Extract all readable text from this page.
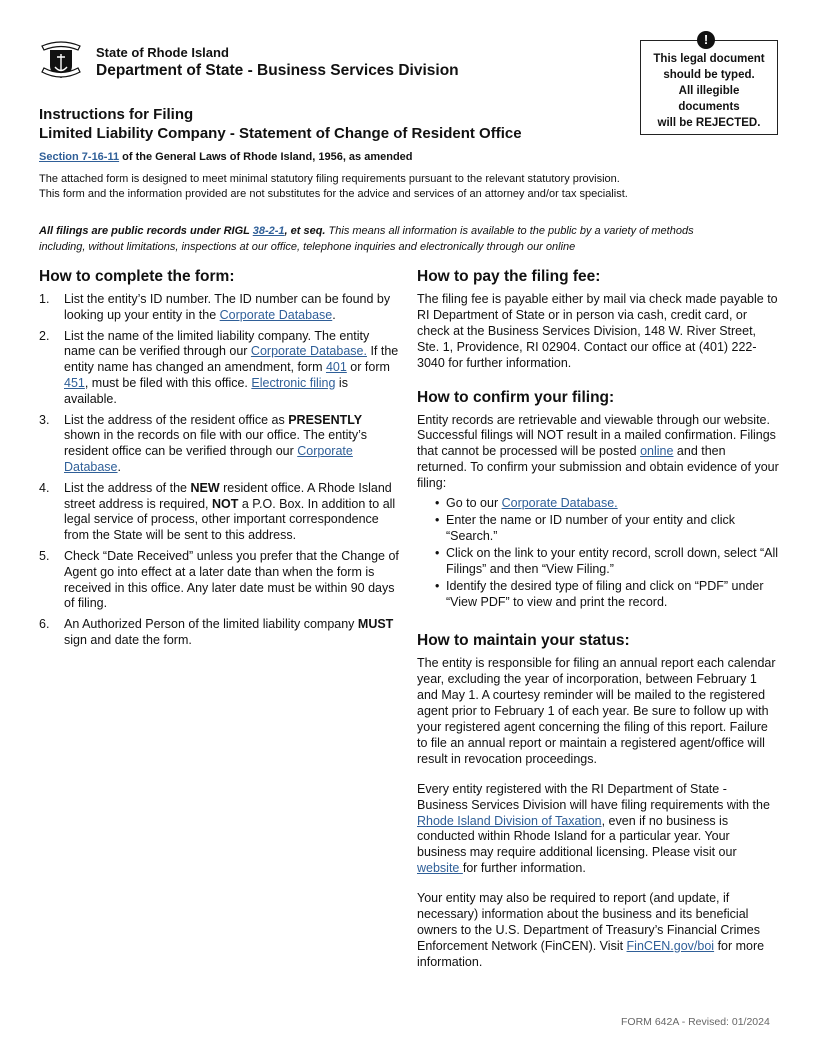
State of Rhode Island
Department of State - Business Services Division
This legal document
should be typed.
All illegible
documents
will be REJECTED.
!
Instructions for Filing
Limited Liability Company - Statement of Change of Resident Office
Section 7-16-11 of the General Laws of Rhode Island, 1956, as amended
The attached form is designed to meet minimal statutory filing requirements pursuant to the relevant statutory provision.
This form and the information provided are not substitutes for the advice and services of an attorney and/or tax specialist.
All filings are public records under RIGL 38-2-1, et seq. This means all information is available to the public by a variety of methods including, without limitations, inspections at our office, telephone inquiries and electronically through our online
How to complete the form:
1.	List the entity’s ID number. The ID number can be found by looking up your entity in the Corporate Database.
2.	List the name of the limited liability company. The entity name can be verified through our Corporate Database. If the entity name has changed an amendment, form 401 or form 451, must be filed with this office. Electronic filing is available.
3.	List the address of the resident office as PRESENTLY shown in the records on file with our office. The entity’s resident office can be verified through our Corporate Database.
4.	List the address of the NEW resident office. A Rhode Island street address is required, NOT a P.O. Box. In addition to all legal service of process, other important correspondence from the State will be sent to this address.
5.	Check “Date Received” unless you prefer that the Change of Agent go into effect at a later date than when the form is received in this office. Any later date must be within 90 days of filing.
6.	An Authorized Person of the limited liability company MUST sign and date the form.
How to pay the filing fee:

The filing fee is payable either by mail via check made payable to RI Department of State or in person via cash, credit card, or check at the Business Services Division, 148 W. River Street, Ste. 1, Providence, RI 02904. Contact our office at (401) 222-3040 for further information.

How to confirm your filing:

Entity records are retrievable and viewable through our website. Successful filings will NOT result in a mailed confirmation. Filings that cannot be processed will be posted online and then returned. To confirm your submission and obtain evidence of your filing:

• Go to our Corporate Database.
• Enter the name or ID number of your entity and click “Search.”
• Click on the link to your entity record, scroll down, select “All Filings” and then “View Filing.”
• Identify the desired type of filing and click on “PDF” under “View PDF” to view and print the record.
How to maintain your status:

The entity is responsible for filing an annual report each calendar year, excluding the year of incorporation, between February 1 and May 1. A courtesy reminder will be mailed to the registered agent prior to February 1 of each year. Be sure to follow up with your registered agent concerning the filing of this report. Failure to file an annual report or maintain a registered agent/office will result in revocation proceedings.

Every entity registered with the RI Department of State - Business Services Division will have filing requirements with the Rhode Island Division of Taxation, even if no business is conducted within Rhode Island for a particular year. Your business may require additional licensing. Please visit our website for further information.

Your entity may also be required to report (and update, if necessary) information about the business and its beneficial owners to the U.S. Department of Treasury’s Financial Crimes Enforcement Network (FinCEN). Visit FinCEN.gov/boi for more information.

FORM 642A - Revised: 01/2024
